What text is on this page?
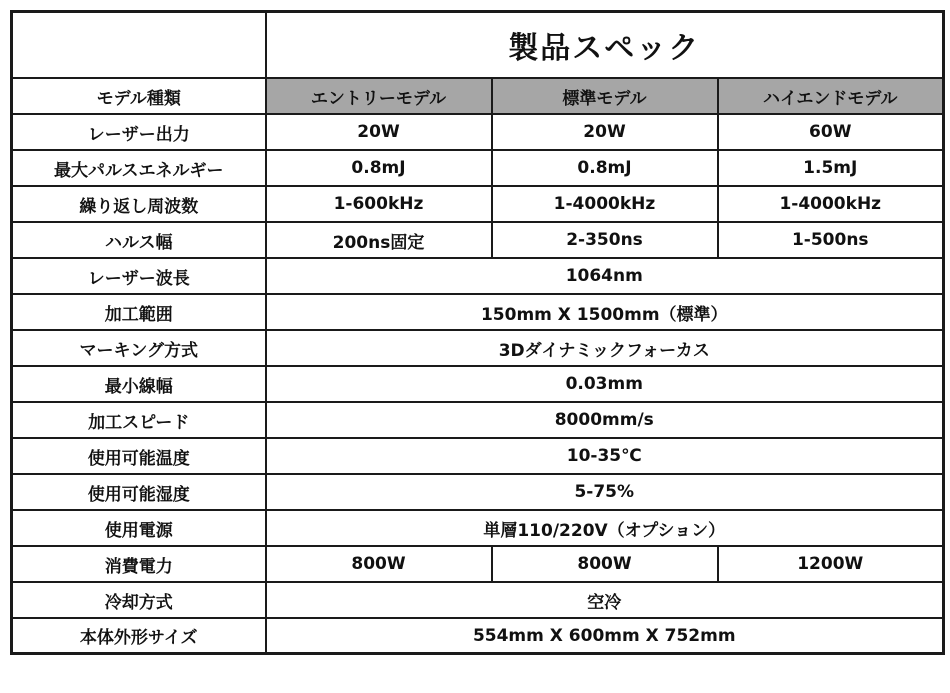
	製品スペック		
モデル種類	エントリーモデル	標準モデル	ハイエンドモデル
レーザー出力	20W	20W	60W
最大パルスエネルギー	0.8mJ	0.8mJ	1.5mJ
繰り返し周波数	1-600kHz	1-4000kHz	1-4000kHz
ハルス幅	200ns固定	2-350ns	1-500ns
レーザー波長	1064nm		
加工範囲	150mm X 1500mm（標準）		
マーキング方式	3Dダイナミックフォーカス		
最小線幅	0.03mm		
加工スピード	8000mm/s		
使用可能温度	10-35℃		
使用可能湿度	5-75%		
使用電源	単層110/220V（オプション）		
消費電力	800W	800W	1200W
冷却方式	空冷		
本体外形サイズ	554mm X 600mm X 752mm		
